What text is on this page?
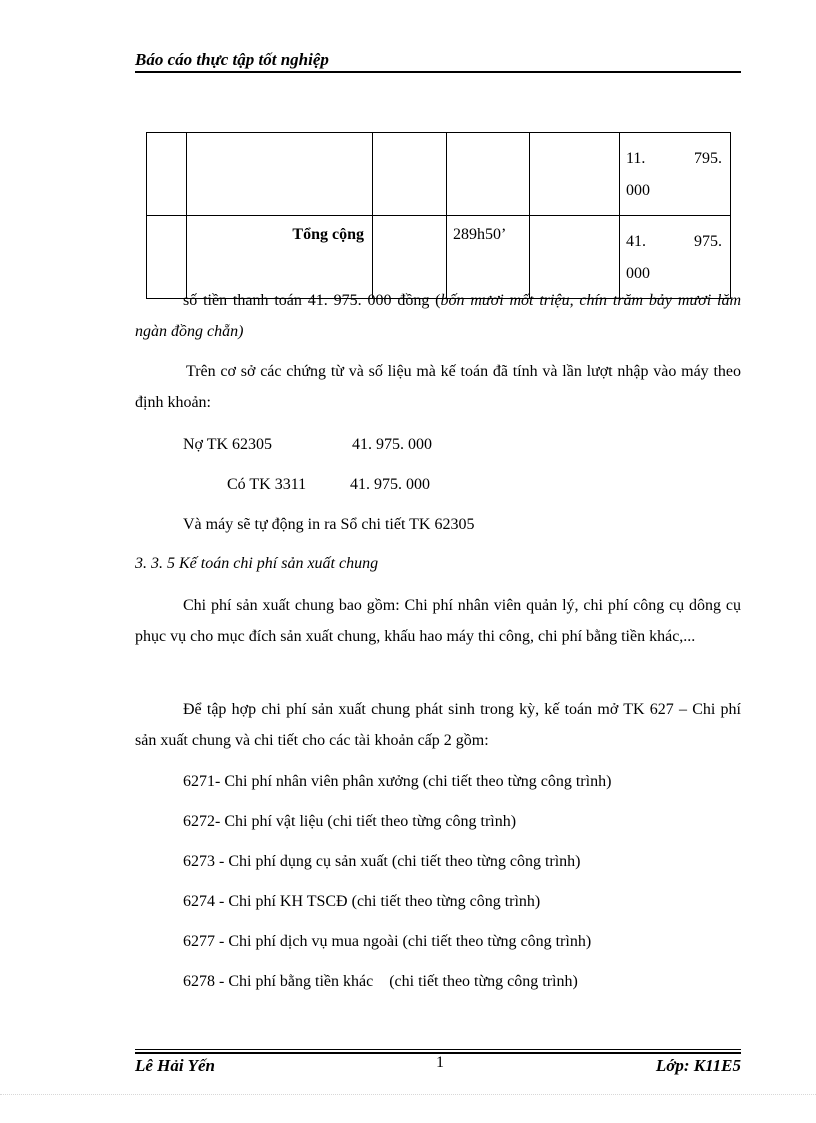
Báo cáo thực tập tốt nghiệp

					11. 795.
000

	Tổng cộng		289h50’		41. 975.
000
số tiền thanh toán 41. 975. 000 đồng (bốn mươi mốt triệu, chín trăm bảy mươi lăm ngàn đồng chẵn)
Trên cơ sở các chứng từ và số liệu mà kế toán đã tính và lần lượt nhập vào máy theo định khoản:
Nợ TK 62305	41. 975. 000
Có TK 3311	41. 975. 000
Và máy sẽ tự động in ra Sổ chi tiết TK 62305
3. 3. 5 Kế toán chi phí sản xuất chung
Chi phí sản xuất chung bao gồm: Chi phí nhân viên quản lý, chi phí công cụ dông cụ phục vụ cho mục đích sản xuất chung, khấu hao máy thi công, chi phí bằng tiền khác,...
Để tập hợp chi phí sản xuất chung phát sinh trong kỳ, kế toán mở TK 627 – Chi phí sản xuất chung và chi tiết cho các tài khoản cấp 2 gồm:
6271- Chi phí nhân viên phân xưởng (chi tiết theo từng công trình)
6272- Chi phí vật liệu (chi tiết theo từng công trình)
6273 - Chi phí dụng cụ sản xuất (chi tiết theo từng công trình)
6274 - Chi phí KH TSCĐ (chi tiết theo từng công trình)
6277 - Chi phí dịch vụ mua ngoài (chi tiết theo từng công trình)
6278 - Chi phí bằng tiền khác    (chi tiết theo từng công trình)
Lê Hải Yến	1	Lớp: K11E5
